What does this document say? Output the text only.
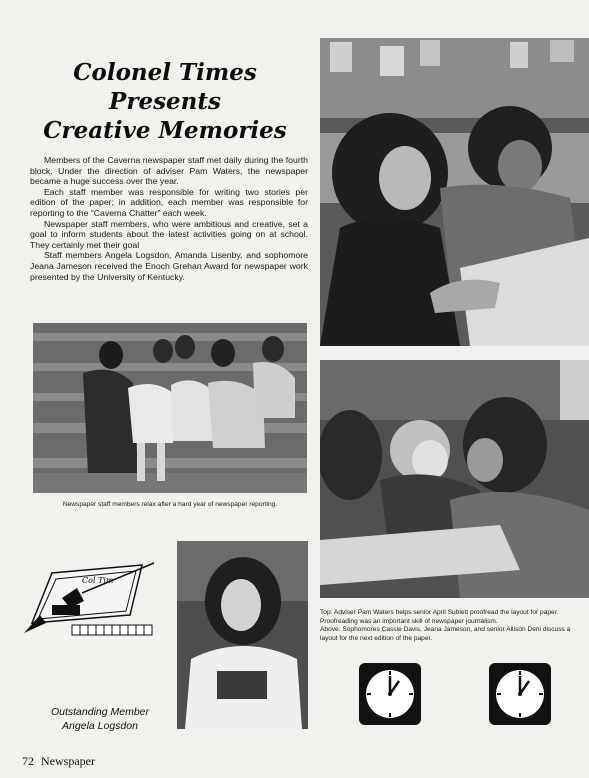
Colonel Times
Presents
Creative Memories

Members of the Caverna newspaper staff met daily during the fourth block. Under the direction of adviser Pam Waters, the newspaper became a huge success over the year.

Each staff member was responsible for writing two stories per edition of the paper; in addition, each member was responsible for reporting to the “Caverna Chatter” each week.

Newspaper staff members, who were ambitious and creative, set a goal to inform students about the latest activities going on at school. They certainly met their goal

Staff members Angela Logsdon, Amanda Lisenby, and sophomore Jeana Jameson received the Enoch Grehan Award for newspaper work presented by the University of Kentucky.

Newspaper staff members relax after a hard year of newspaper reporting.

Top: Adviser Pam Waters helps senior April Sublett proofread the layout for paper. Proofreading was an important skill of newspaper journalism.

Above: Sophomores Cassie Davis, Jeana Jameson, and senior Allison Deni discuss a layout for the next edition of the paper.

Col Tim
Outstanding Member
Angela Logsdon
72 Newspaper
